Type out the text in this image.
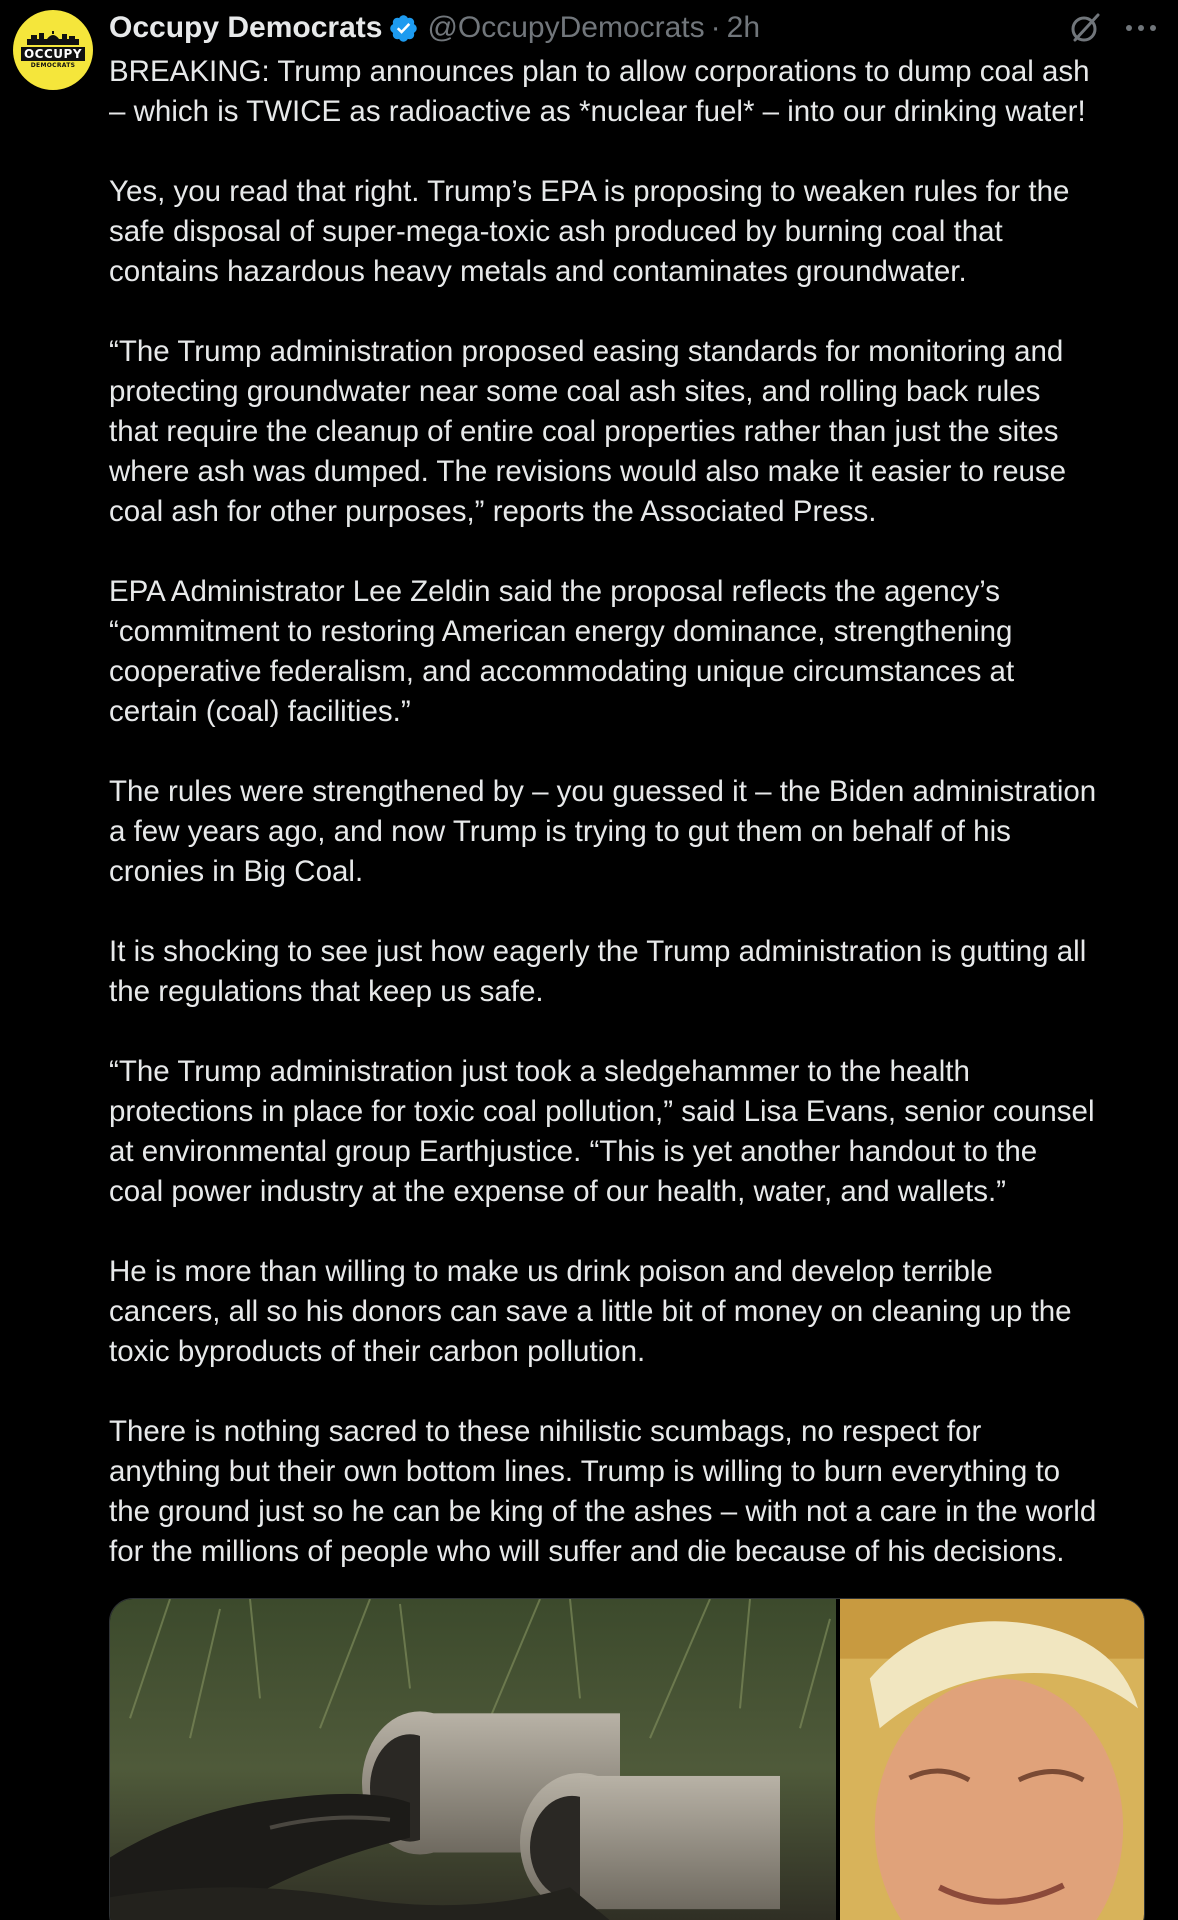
OCCUPY
DEMOCRATS
Occupy Democrats @OccupyDemocrats · 2h

BREAKING: Trump announces plan to allow corporations to dump coal ash
– which is TWICE as radioactive as *nuclear fuel* – into our drinking water!

Yes, you read that right. Trump’s EPA is proposing to weaken rules for the
safe disposal of super-mega-toxic ash produced by burning coal that
contains hazardous heavy metals and contaminates groundwater.

“The Trump administration proposed easing standards for monitoring and
protecting groundwater near some coal ash sites, and rolling back rules
that require the cleanup of entire coal properties rather than just the sites
where ash was dumped. The revisions would also make it easier to reuse
coal ash for other purposes,” reports the Associated Press.

EPA Administrator Lee Zeldin said the proposal reflects the agency’s
“commitment to restoring American energy dominance, strengthening
cooperative federalism, and accommodating unique circumstances at
certain (coal) facilities.”

The rules were strengthened by – you guessed it – the Biden administration
a few years ago, and now Trump is trying to gut them on behalf of his
cronies in Big Coal.

It is shocking to see just how eagerly the Trump administration is gutting all
the regulations that keep us safe.

“The Trump administration just took a sledgehammer to the health
protections in place for toxic coal pollution,” said Lisa Evans, senior counsel
at environmental group Earthjustice. “This is yet another handout to the
coal power industry at the expense of our health, water, and wallets.”

He is more than willing to make us drink poison and develop terrible
cancers, all so his donors can save a little bit of money on cleaning up the
toxic byproducts of their carbon pollution.

There is nothing sacred to these nihilistic scumbags, no respect for
anything but their own bottom lines. Trump is willing to burn everything to
the ground just so he can be king of the ashes – with not a care in the world
for the millions of people who will suffer and die because of his decisions.
